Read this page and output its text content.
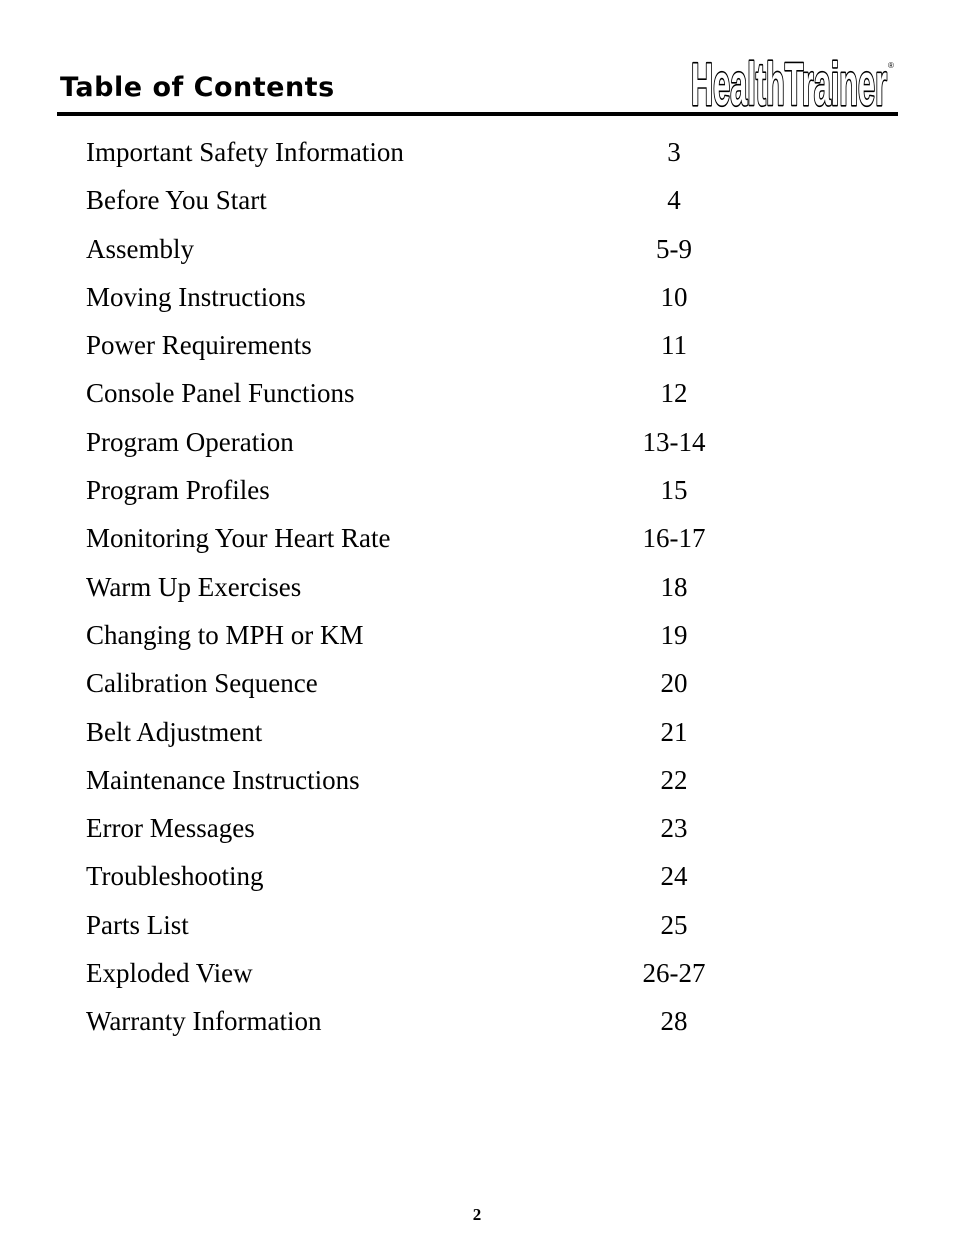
Table of Contents	HealthTrainer ®
Important Safety Information	3
Before You Start	4
Assembly	5-9
Moving Instructions	10
Power Requirements	11
Console Panel Functions	12
Program Operation	13-14
Program Profiles	15
Monitoring Your Heart Rate	16-17
Warm Up Exercises	18
Changing to MPH or KM	19
Calibration Sequence	20
Belt Adjustment	21
Maintenance Instructions	22
Error Messages	23
Troubleshooting	24
Parts List	25
Exploded View	26-27
Warranty Information	28
2
